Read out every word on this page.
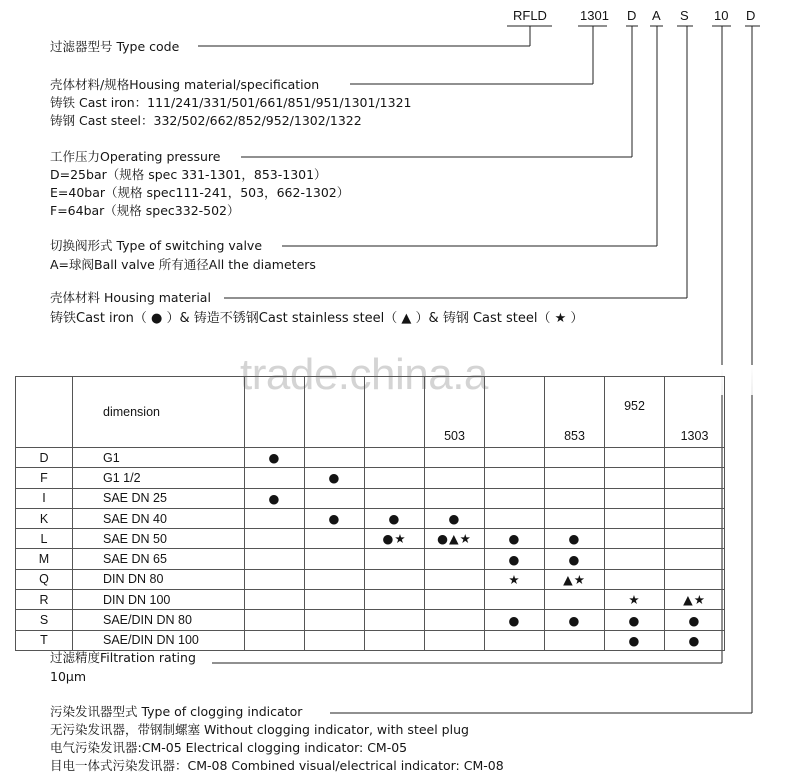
RFLD	1301 D A S 10 D
过滤器型号 Type code
壳体材料/规格Housing material/specification
铸铁 Cast iron：111/241/331/501/661/851/951/1301/1321
铸钢 Cast steel：332/502/662/852/952/1302/1322
工作压力Operating pressure
D=25bar（规格 spec 331-1301，853-1301）
E=40bar（规格 spec111-241，503，662-1302）
F=64bar（规格 spec332-502）
切换阀形式 Type of switching valve
A=球阀Ball valve 所有通径All the diameters
壳体材料 Housing material
铸铁Cast iron（ ● ）& 铸造不锈钢Cast stainless steel（ ▲ ）& 铸钢 Cast steel（ ★ ）
trade.china.a
	dimension				503		853	952	1303
D	G1	●							
F	G1 1/2		●						
I	SAE DN 25	●							
K	SAE DN 40		●	●	●				
L	SAE DN 50			●★	●▲★	●	●		
M	SAE DN 65					●	●		
Q	DIN DN 80					★	▲★		
R	DIN DN 100							★	▲★
S	SAE/DIN DN 80					●	●	●	●
T	SAE/DIN DN 100							●	●
过滤精度Filtration rating
10μm
污染发讯器型式 Type of clogging indicator
无污染发讯器，带钢制螺塞 Without clogging indicator, with steel plug
电气污染发讯器:CM-05 Electrical clogging indicator: CM-05
目电一体式污染发讯器：CM-08 Combined visual/electrical indicator: CM-08
